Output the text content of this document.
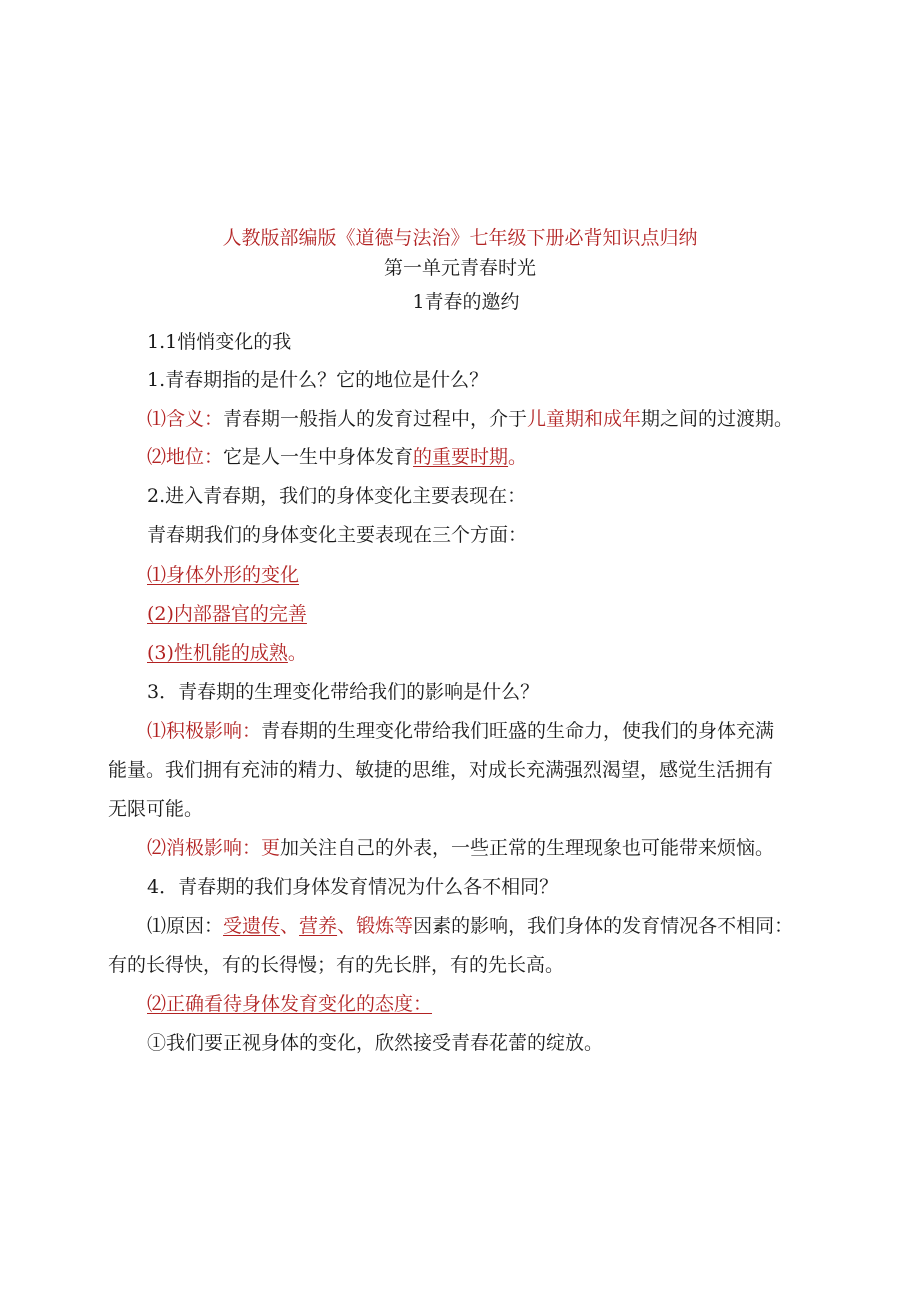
人教版部编版《道德与法治》七年级下册必背知识点归纳
第一单元青春时光
1青春的邀约
1.1悄悄变化的我
1.青春期指的是什么？它的地位是什么？
⑴含义：青春期一般指人的发育过程中，介于儿童期和成年期之间的过渡期。
⑵地位：它是人一生中身体发育的重要时期。
2.进入青春期，我们的身体变化主要表现在：
青春期我们的身体变化主要表现在三个方面：
⑴身体外形的变化
(2)内部器官的完善
(3)性机能的成熟。
3．青春期的生理变化带给我们的影响是什么？
⑴积极影响：青春期的生理变化带给我们旺盛的生命力，使我们的身体充满
能量。我们拥有充沛的精力、敏捷的思维，对成长充满强烈渴望，感觉生活拥有
无限可能。
⑵消极影响：更加关注自己的外表，一些正常的生理现象也可能带来烦恼。
4．青春期的我们身体发育情况为什么各不相同？
⑴原因：受遗传、营养、锻炼等因素的影响，我们身体的发育情况各不相同：
有的长得快，有的长得慢；有的先长胖，有的先长高。
⑵正确看待身体发育变化的态度：
①我们要正视身体的变化，欣然接受青春花蕾的绽放。
